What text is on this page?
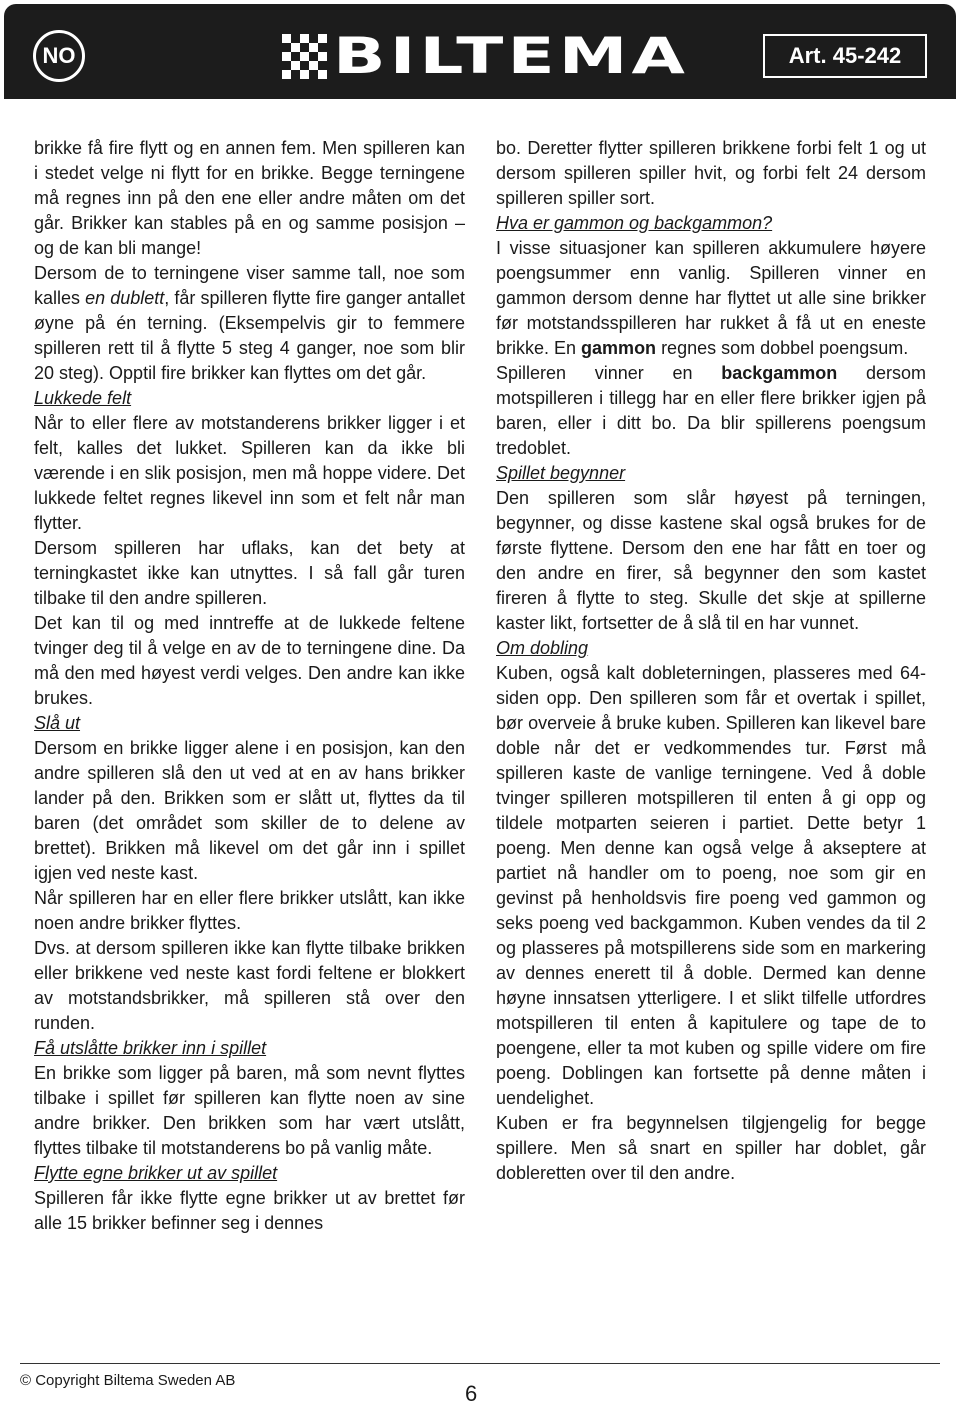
NO	BILTEMA	Art. 45-242

brikke få fire flytt og en annen fem. Men spilleren kan i stedet velge ni flytt for en brikke. Begge terningene må regnes inn på den ene eller andre måten om det går. Brikker kan stables på en og samme posisjon – og de kan bli mange!

Dersom de to terningene viser samme tall, noe som kalles en dublett, får spilleren flytte fire ganger antallet øyne på én terning. (Eksempelvis gir to femmere spilleren rett til å flytte 5 steg 4 ganger, noe som blir 20 steg). Opptil fire brikker kan flyttes om det går.

Lukkede felt

Når to eller flere av motstanderens brikker ligger i et felt, kalles det lukket. Spilleren kan da ikke bli værende i en slik posisjon, men må hoppe videre. Det lukkede feltet regnes likevel inn som et felt når man flytter.

Dersom spilleren har uflaks, kan det bety at terningkastet ikke kan utnyttes. I så fall går turen tilbake til den andre spilleren.

Det kan til og med inntreffe at de lukkede feltene tvinger deg til å velge en av de to terningene dine. Da må den med høyest verdi velges. Den andre kan ikke brukes.

Slå ut

Dersom en brikke ligger alene i en posisjon, kan den andre spilleren slå den ut ved at en av hans brikker lander på den. Brikken som er slått ut, flyttes da til baren (det området som skiller de to delene av brettet). Brikken må likevel om det går inn i spillet igjen ved neste kast.

Når spilleren har en eller flere brikker utslått, kan ikke noen andre brikker flyttes.

Dvs. at dersom spilleren ikke kan flytte tilbake brikken eller brikkene ved neste kast fordi feltene er blokkert av motstandsbrikker, må spilleren stå over den runden.

Få utslåtte brikker inn i spillet

En brikke som ligger på baren, må som nevnt flyttes tilbake i spillet før spilleren kan flytte noen av sine andre brikker. Den brikken som har vært utslått, flyttes tilbake til motstanderens bo på vanlig måte.

Flytte egne brikker ut av spillet

Spilleren får ikke flytte egne brikker ut av brettet før alle 15 brikker befinner seg i dennes

bo. Deretter flytter spilleren brikkene forbi felt 1 og ut dersom spilleren spiller hvit, og forbi felt 24 dersom spilleren spiller sort.

Hva er gammon og backgammon?

I visse situasjoner kan spilleren akkumulere høyere poengsummer enn vanlig. Spilleren vinner en gammon dersom denne har flyttet ut alle sine brikker før motstandsspilleren har rukket å få ut en eneste brikke. En gammon regnes som dobbel poengsum.

Spilleren vinner en backgammon dersom motspilleren i tillegg har en eller flere brikker igjen på baren, eller i ditt bo. Da blir spillerens poengsum tredoblet.

Spillet begynner

Den spilleren som slår høyest på terningen, begynner, og disse kastene skal også brukes for de første flyttene. Dersom den ene har fått en toer og den andre en firer, så begynner den som kastet fireren å flytte to steg. Skulle det skje at spillerne kaster likt, fortsetter de å slå til en har vunnet.

Om dobling

Kuben, også kalt dobleterningen, plasseres med 64-siden opp. Den spilleren som får et overtak i spillet, bør overveie å bruke kuben. Spilleren kan likevel bare doble når det er vedkommendes tur. Først må spilleren kaste de vanlige terningene. Ved å doble tvinger spilleren motspilleren til enten å gi opp og tildele motparten seieren i partiet. Dette betyr 1 poeng. Men denne kan også velge å akseptere at partiet nå handler om to poeng, noe som gir en gevinst på henholdsvis fire poeng ved gammon og seks poeng ved backgammon. Kuben vendes da til 2 og plasseres på motspillerens side som en markering av dennes enerett til å doble. Dermed kan denne høyne innsatsen ytterligere. I et slikt tilfelle utfordres motspilleren til enten å kapitulere og tape de to poengene, eller ta mot kuben og spille videre om fire poeng. Doblingen kan fortsette på denne måten i uendelighet.

Kuben er fra begynnelsen tilgjengelig for begge spillere. Men så snart en spiller har doblet, går dobleretten over til den andre.

© Copyright Biltema Sweden AB
6
